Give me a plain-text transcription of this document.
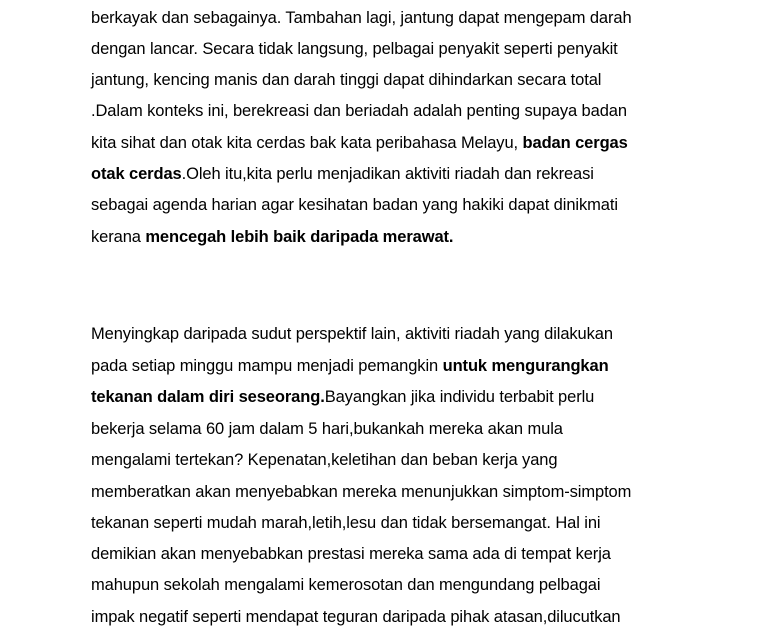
berkayak dan sebagainya. Tambahan lagi, jantung dapat mengepam darah
dengan lancar. Secara tidak langsung, pelbagai penyakit seperti penyakit
jantung, kencing manis dan darah tinggi dapat dihindarkan secara total
.Dalam konteks ini, berekreasi dan beriadah adalah penting supaya badan
kita sihat dan otak kita cerdas bak kata peribahasa Melayu, badan cergas
otak cerdas.Oleh itu,kita perlu menjadikan aktiviti riadah dan rekreasi
sebagai agenda harian agar kesihatan badan yang hakiki dapat dinikmati
kerana mencegah lebih baik daripada merawat.
Menyingkap daripada sudut perspektif lain, aktiviti riadah yang dilakukan
pada setiap minggu mampu menjadi pemangkin untuk mengurangkan
tekanan dalam diri seseorang.Bayangkan jika individu terbabit perlu
bekerja selama 60 jam dalam 5 hari,bukankah mereka akan mula
mengalami tertekan? Kepenatan,keletihan dan beban kerja yang
memberatkan akan menyebabkan mereka menunjukkan simptom-simptom
tekanan seperti mudah marah,letih,lesu dan tidak bersemangat. Hal ini
demikian akan menyebabkan prestasi mereka sama ada di tempat kerja
mahupun sekolah mengalami kemerosotan dan mengundang pelbagai
impak negatif seperti mendapat teguran daripada pihak atasan,dilucutkan
